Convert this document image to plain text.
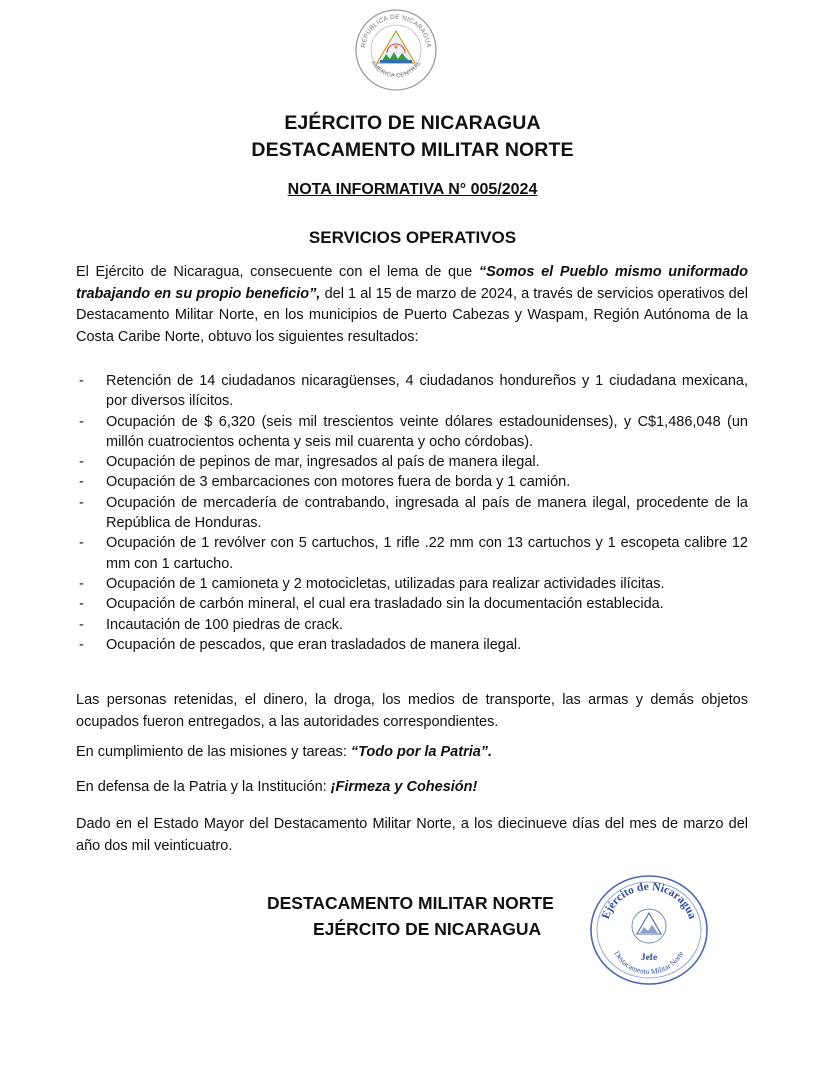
REPÚBLICA DE NICARAGUA
AMÉRICA CENTRAL
EJÉRCITO DE NICARAGUA
DESTACAMENTO MILITAR NORTE
NOTA INFORMATIVA N° 005/2024
SERVICIOS OPERATIVOS
El Ejército de Nicaragua, consecuente con el lema de que “Somos el Pueblo mismo uniformado trabajando en su propio beneficio”, del 1 al 15 de marzo de 2024, a través de servicios operativos del Destacamento Militar Norte, en los municipios de Puerto Cabezas y Waspam, Región Autónoma de la Costa Caribe Norte, obtuvo los siguientes resultados:
- Retención de 14 ciudadanos nicaragüenses, 4 ciudadanos hondureños y 1 ciudadana mexicana, por diversos ilícitos.
- Ocupación de $ 6,320 (seis mil trescientos veinte dólares estadounidenses), y C$1,486,048 (un millón cuatrocientos ochenta y seis mil cuarenta y ocho córdobas).
- Ocupación de pepinos de mar, ingresados al país de manera ilegal.
- Ocupación de 3 embarcaciones con motores fuera de borda y 1 camión.
- Ocupación de mercadería de contrabando, ingresada al país de manera ilegal, procedente de la República de Honduras.
- Ocupación de 1 revólver con 5 cartuchos, 1 rifle .22 mm con 13 cartuchos y 1 escopeta calibre 12 mm con 1 cartucho.
- Ocupación de 1 camioneta y 2 motocicletas, utilizadas para realizar actividades ilícitas.
- Ocupación de carbón mineral, el cual era trasladado sin la documentación establecida.
- Incautación de 100 piedras de crack.
- Ocupación de pescados, que eran trasladados de manera ilegal.
Las personas retenidas, el dinero, la droga, los medios de transporte, las armas y demás objetos ocupados fueron entregados, a las autoridades correspondientes.
En cumplimiento de las misiones y tareas: “Todo por la Patria”.
En defensa de la Patria y la Institución: ¡Firmeza y Cohesión!
Dado en el Estado Mayor del Destacamento Militar Norte, a los diecinueve días del mes de marzo del año dos mil veinticuatro.
DESTACAMENTO MILITAR NORTE
EJÉRCITO DE NICARAGUA
Ejército de Nicaragua
Destacamento Militar Norte
Jefe
